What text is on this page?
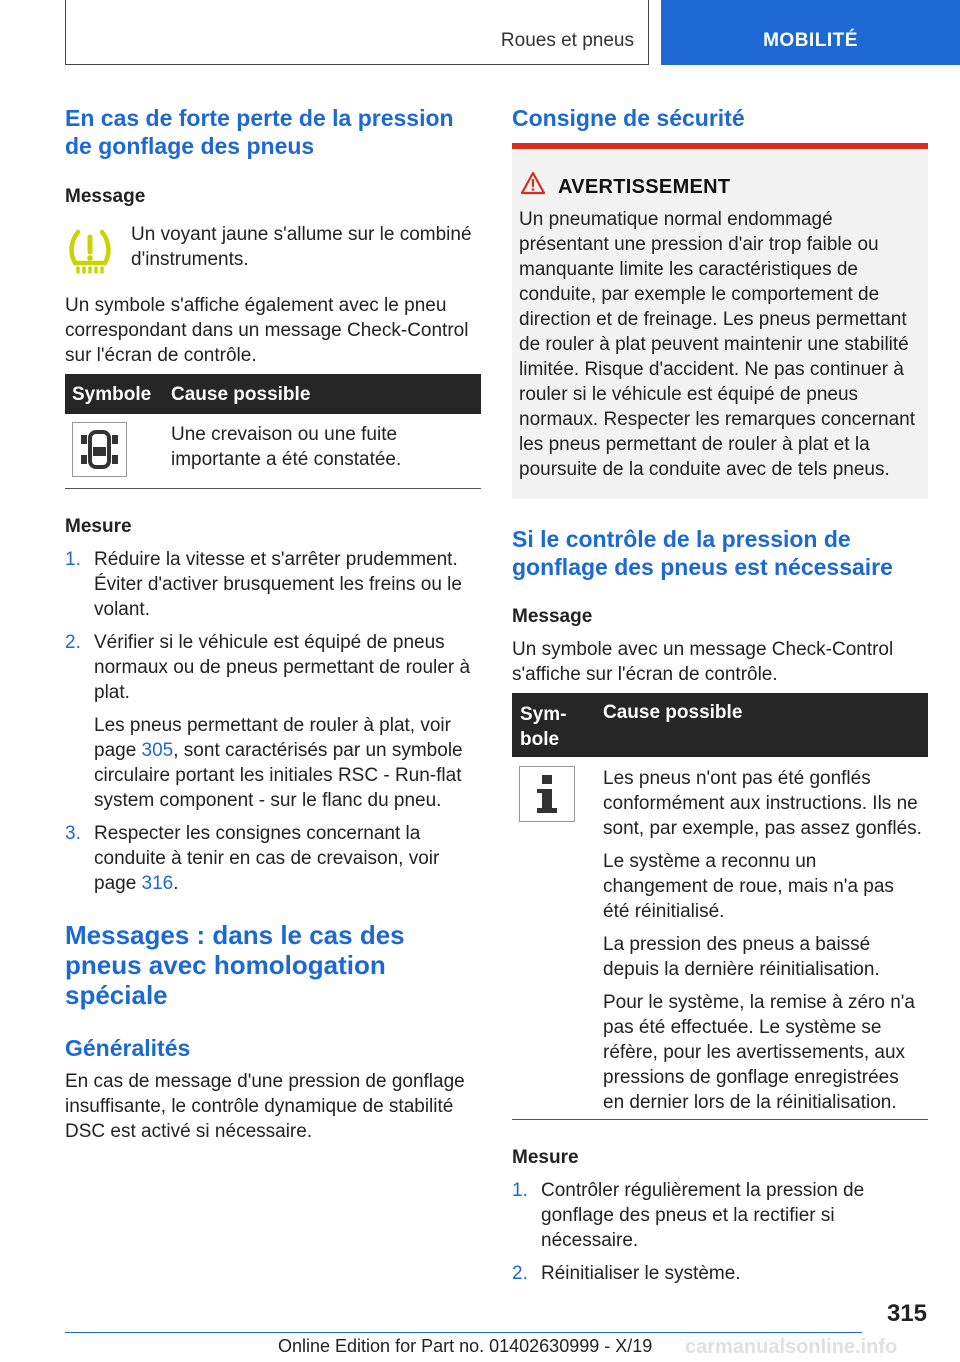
Roues et pneus	MOBILITÉ
En cas de forte perte de la pression de gonflage des pneus
Message
Un voyant jaune s'allume sur le combiné d'instruments.
Un symbole s'affiche également avec le pneu correspondant dans un message Check-Control sur l'écran de contrôle.
Symbole Cause possible
Une crevaison ou une fuite importante a été constatée.
Mesure
1. Réduire la vitesse et s'arrêter prudemment. Éviter d'activer brusquement les freins ou le volant.
2. Vérifier si le véhicule est équipé de pneus normaux ou de pneus permettant de rouler à plat.
Les pneus permettant de rouler à plat, voir page 305, sont caractérisés par un symbole circulaire portant les initiales RSC - Run-flat system component - sur le flanc du pneu.
3. Respecter les consignes concernant la conduite à tenir en cas de crevaison, voir page 316.
Messages : dans le cas des pneus avec homologation spéciale
Généralités
En cas de message d'une pression de gonflage insuffisante, le contrôle dynamique de stabilité DSC est activé si nécessaire.
Consigne de sécurité
AVERTISSEMENT
Un pneumatique normal endommagé présentant une pression d'air trop faible ou manquante limite les caractéristiques de conduite, par exemple le comportement de direction et de freinage. Les pneus permettant de rouler à plat peuvent maintenir une stabilité limitée. Risque d'accident. Ne pas continuer à rouler si le véhicule est équipé de pneus normaux. Respecter les remarques concernant les pneus permettant de rouler à plat et la poursuite de la conduite avec de tels pneus.
Si le contrôle de la pression de gonflage des pneus est nécessaire
Message
Un symbole avec un message Check-Control s'affiche sur l'écran de contrôle.
Sym-bole
Cause possible
Les pneus n'ont pas été gonflés conformément aux instructions. Ils ne sont, par exemple, pas assez gonflés.
Le système a reconnu un changement de roue, mais n'a pas été réinitialisé.
La pression des pneus a baissé depuis la dernière réinitialisation.
Pour le système, la remise à zéro n'a pas été effectuée. Le système se réfère, pour les avertissements, aux pressions de gonflage enregistrées en dernier lors de la réinitialisation.
Mesure
1. Contrôler régulièrement la pression de gonflage des pneus et la rectifier si nécessaire.
2. Réinitialiser le système.
315
Online Edition for Part no. 01402630999 - X/19 carmanualsonline.info
